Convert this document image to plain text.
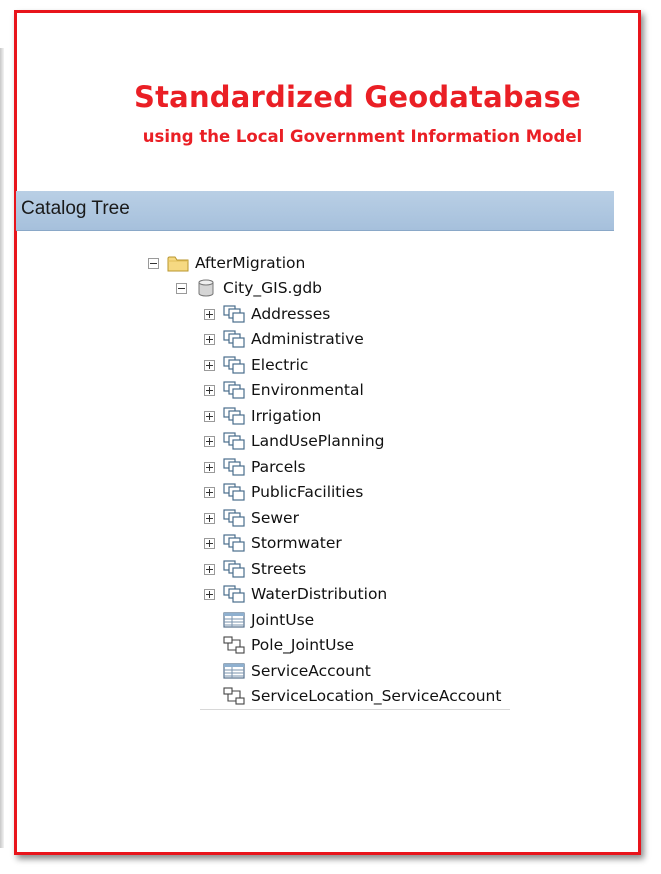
Standardized Geodatabase
using the Local Government Information Model
Catalog Tree
AfterMigration
City_GIS.gdb
Addresses
Administrative
Electric
Environmental
Irrigation
LandUsePlanning
Parcels
PublicFacilities
Sewer
Stormwater
Streets
WaterDistribution
JointUse
Pole_JointUse
ServiceAccount
ServiceLocation_ServiceAccount
